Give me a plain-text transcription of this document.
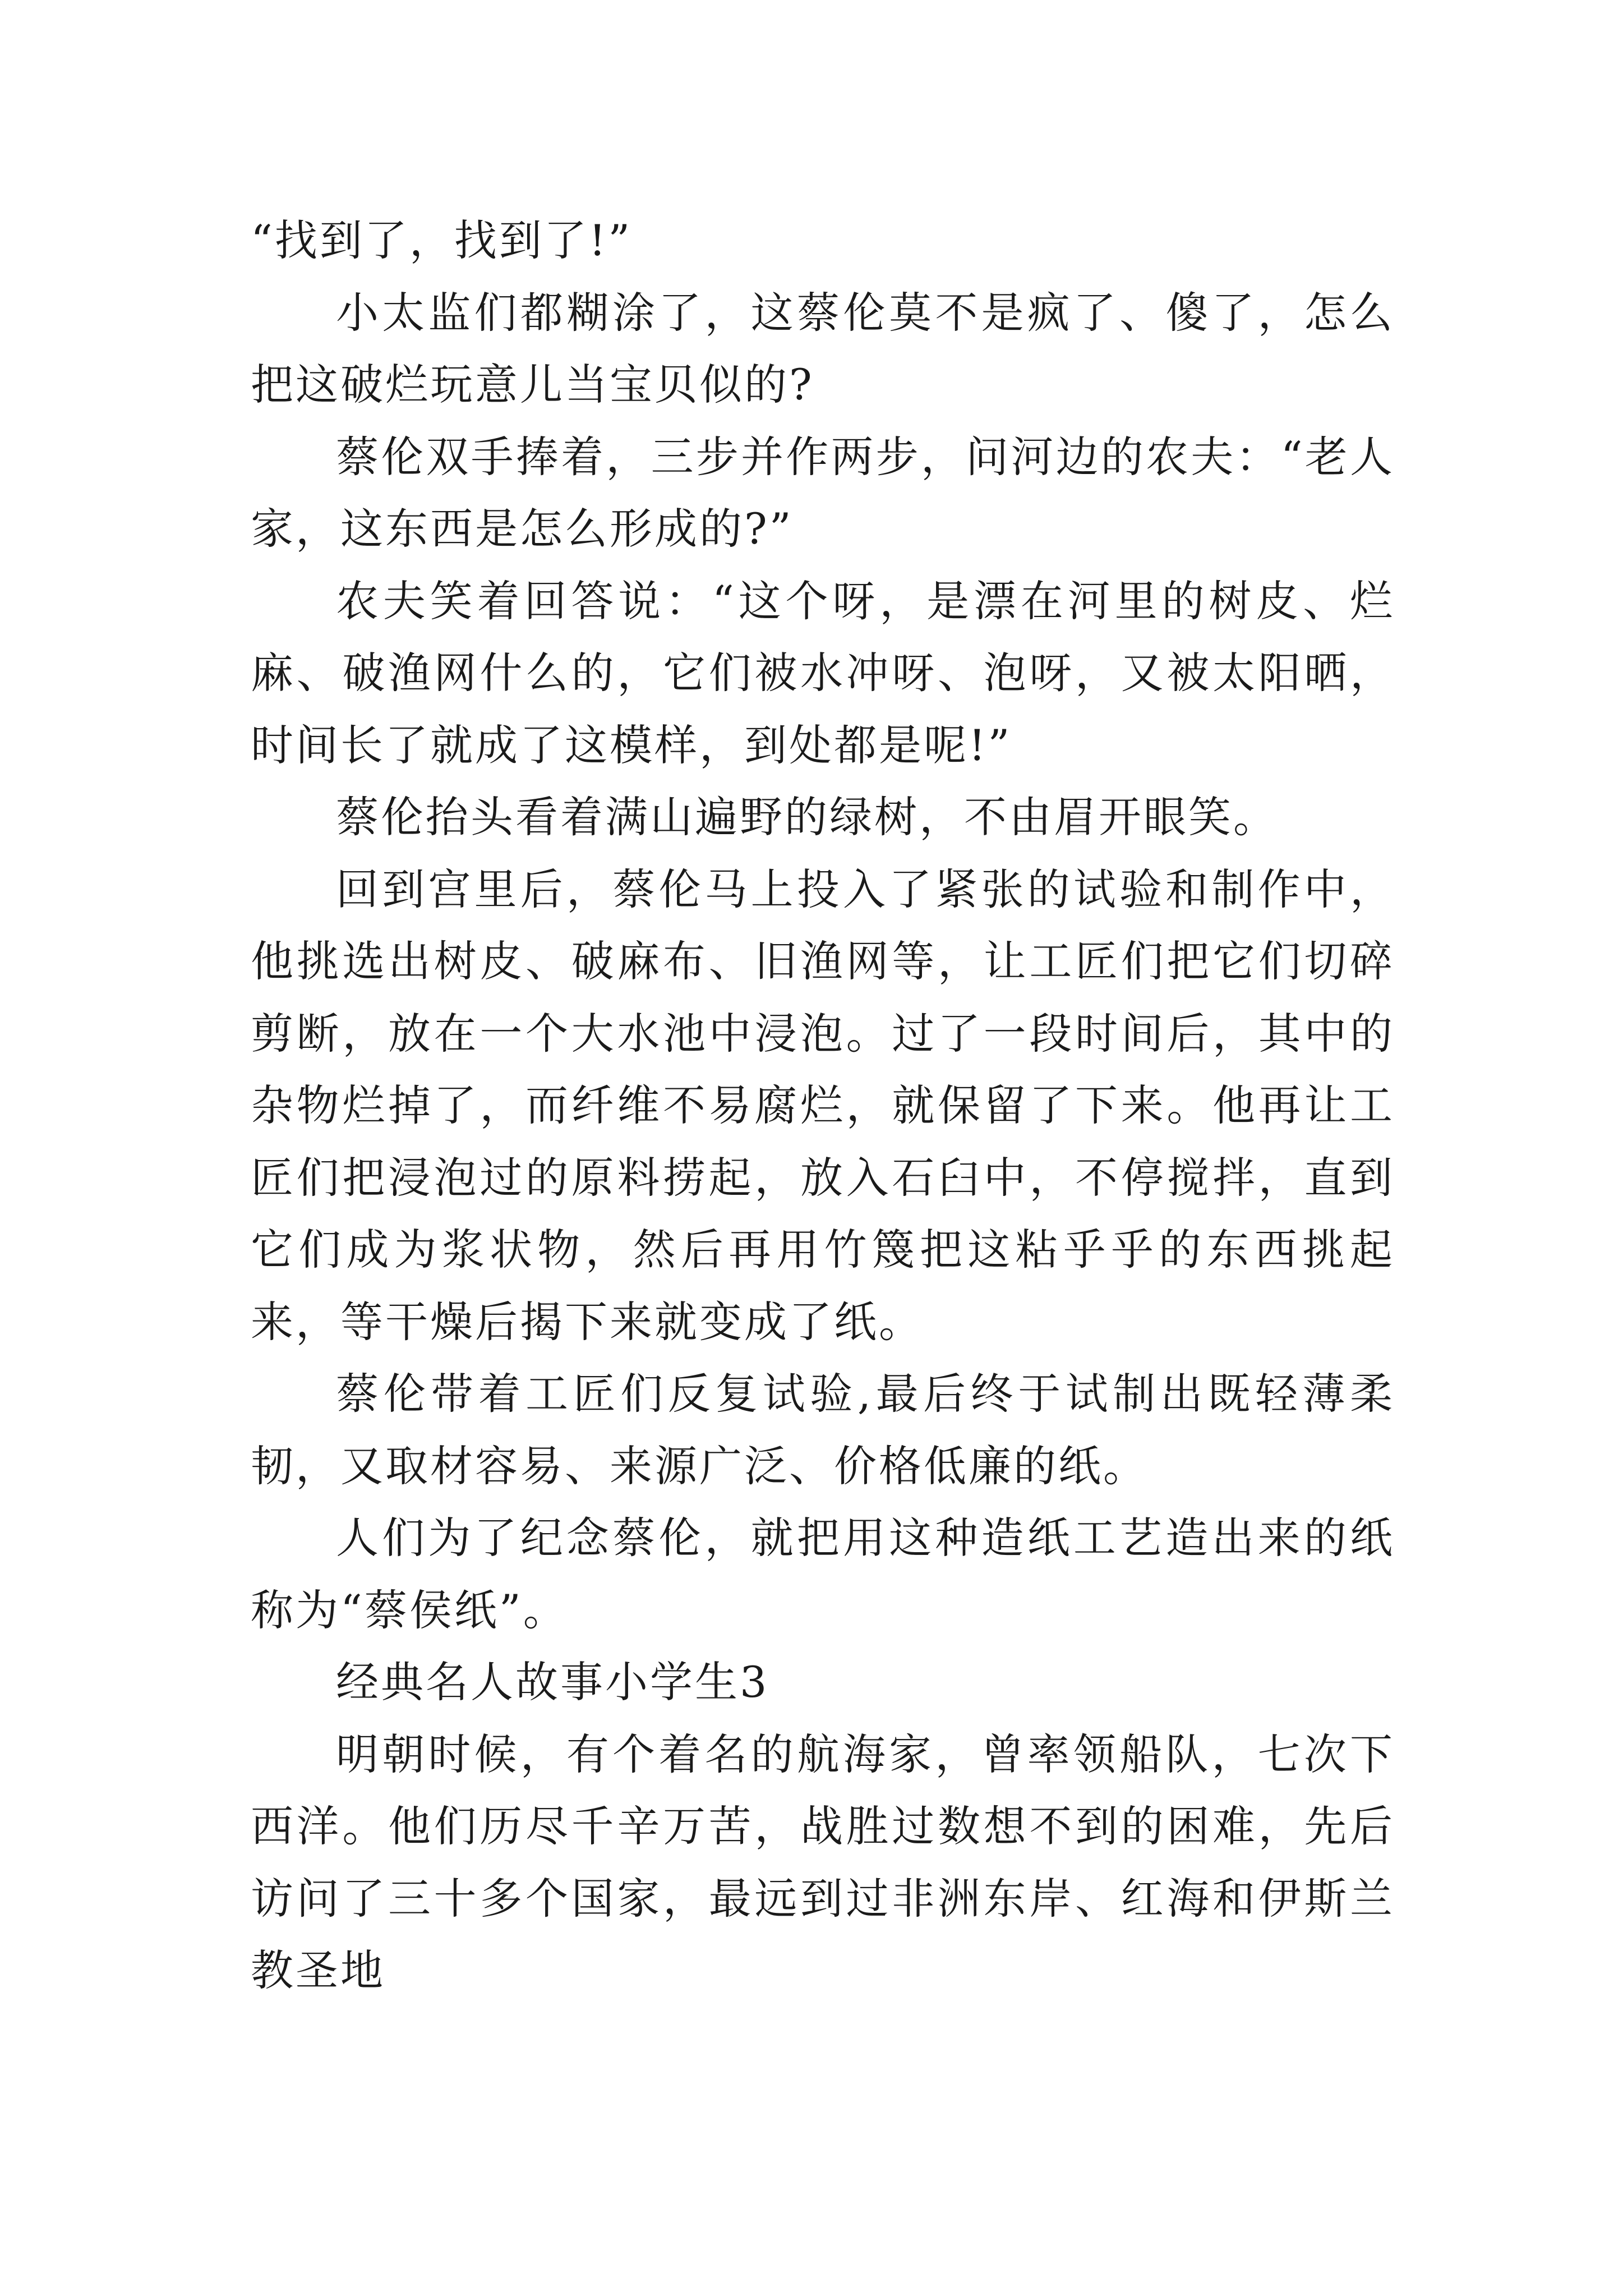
“找到了，找到了!”

小太监们都糊涂了，这蔡伦莫不是疯了、傻了，怎么把这破烂玩意儿当宝贝似的?

蔡伦双手捧着，三步并作两步，问河边的农夫：“老人家，这东西是怎么形成的?”

农夫笑着回答说：“这个呀，是漂在河里的树皮、烂麻、破渔网什么的，它们被水冲呀、泡呀，又被太阳晒，时间长了就成了这模样，到处都是呢!”

蔡伦抬头看着满山遍野的绿树，不由眉开眼笑。

回到宫里后，蔡伦马上投入了紧张的试验和制作中，他挑选出树皮、破麻布、旧渔网等，让工匠们把它们切碎剪断，放在一个大水池中浸泡。过了一段时间后，其中的杂物烂掉了，而纤维不易腐烂，就保留了下来。他再让工匠们把浸泡过的原料捞起，放入石臼中，不停搅拌，直到它们成为浆状物，然后再用竹篾把这粘乎乎的东西挑起来，等干燥后揭下来就变成了纸。

蔡伦带着工匠们反复试验,最后终于试制出既轻薄柔韧，又取材容易、来源广泛、价格低廉的纸。

人们为了纪念蔡伦，就把用这种造纸工艺造出来的纸称为“蔡侯纸”。

经典名人故事小学生3

明朝时候，有个着名的航海家，曾率领船队，七次下西洋。他们历尽千辛万苦，战胜过数想不到的困难，先后访问了三十多个国家，最远到过非洲东岸、红海和伊斯兰教圣地
